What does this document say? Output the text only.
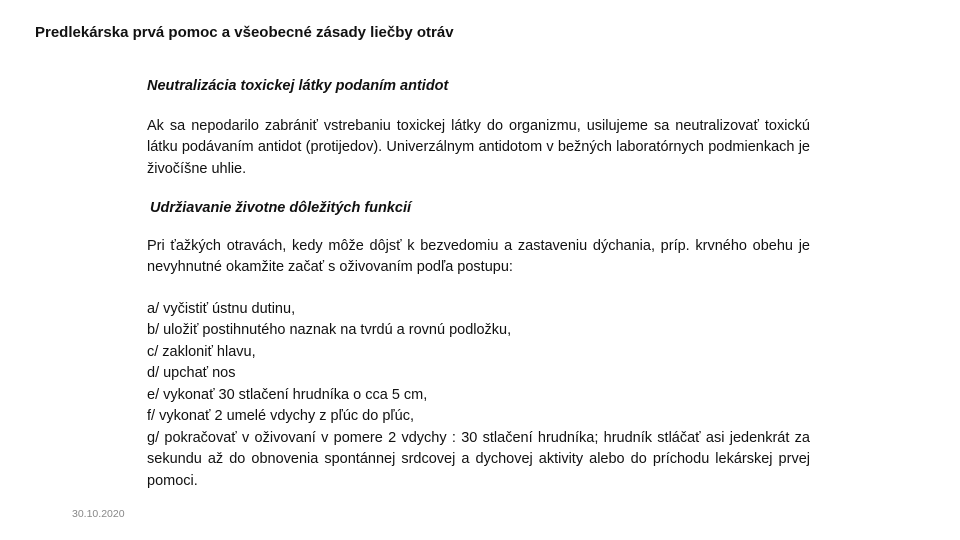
Predlekárska prvá pomoc a všeobecné zásady liečby otráv

Neutralizácia toxickej látky podaním antidot

Ak sa nepodarilo zabrániť vstrebaniu toxickej látky do organizmu, usilujeme sa neutralizovať toxickú látku podávaním antidot (protijedov). Univerzálnym antidotom v bežných laboratórnych podmienkach je živočíšne uhlie.

Udržiavanie životne dôležitých funkcií

Pri ťažkých otravách, kedy môže dôjsť k bezvedomiu a zastaveniu dýchania, príp. krvného obehu je nevyhnutné okamžite začať s oživovaním podľa postupu:

a/ vyčistiť ústnu dutinu,
b/ uložiť postihnutého naznak na tvrdú a rovnú podložku,
c/ zakloniť hlavu,
d/ upchať nos
e/ vykonať 30 stlačení hrudníka o cca 5 cm,
f/ vykonať 2 umelé vdychy z pľúc do pľúc,
g/ pokračovať v oživovaní v pomere 2 vdychy : 30 stlačení hrudníka; hrudník stláčať asi jedenkrát za sekundu až do obnovenia spontánnej srdcovej a dychovej aktivity alebo do príchodu lekárskej prvej pomoci.
30.10.2020
